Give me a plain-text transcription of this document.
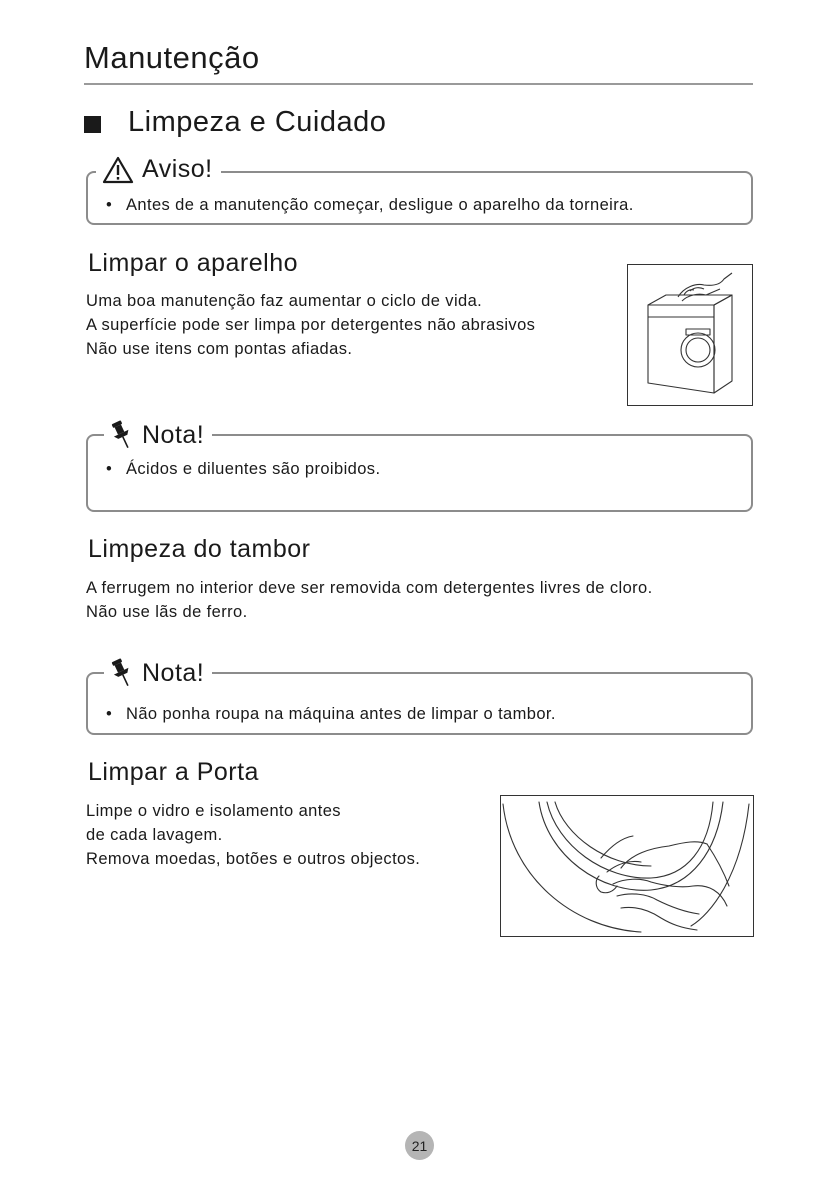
Manutenção
Limpeza e Cuidado
Aviso!
• Antes de a manutenção começar, desligue o aparelho da torneira.
Limpar o aparelho
Uma boa manutenção faz aumentar o ciclo de vida.
A superfície pode ser limpa por detergentes não abrasivos
Não use itens com pontas afiadas.
Nota!
• Ácidos e diluentes são proibidos.
Limpeza do tambor
A ferrugem no interior deve ser removida com detergentes livres de cloro.
Não use lãs de ferro.
Nota!
• Não ponha roupa na máquina antes de limpar o tambor.
Limpar a Porta
Limpe o vidro e isolamento antes
de cada lavagem.
Remova moedas, botões e outros objectos.
21
